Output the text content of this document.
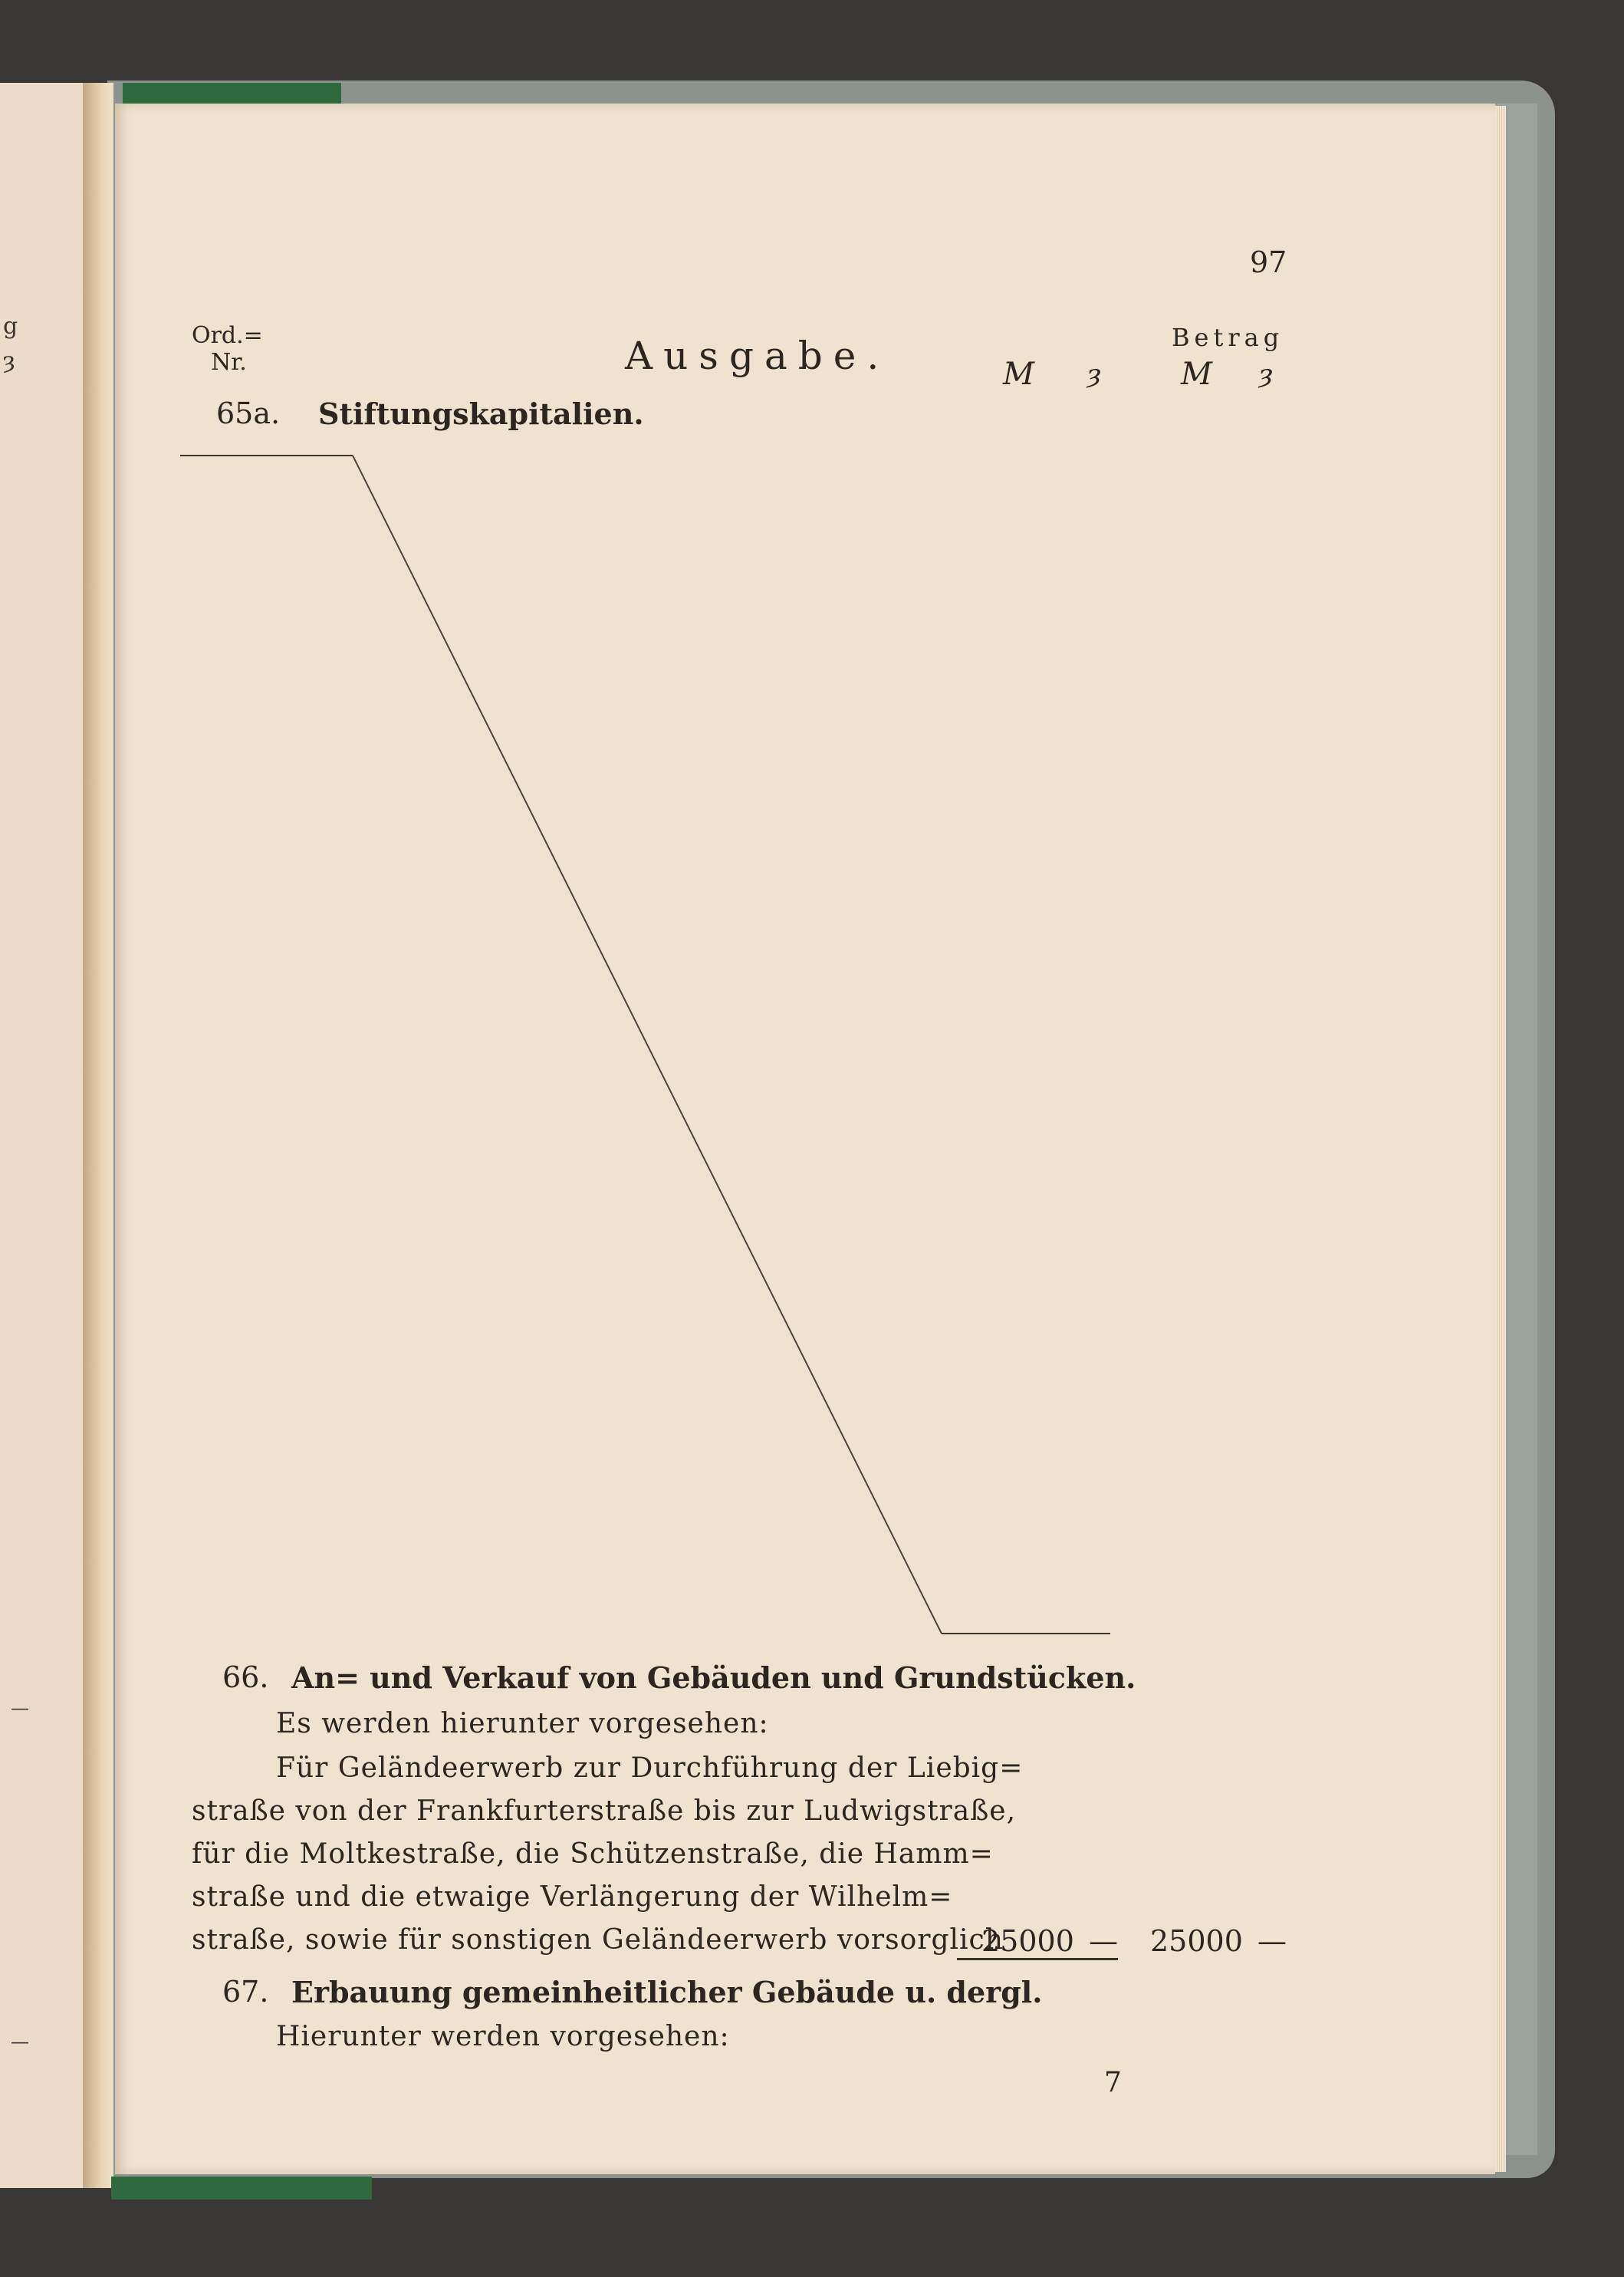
g
ȝ
—
—
97
Ord.=
Nr.	Ausgabe.	Betrag
M ȝ	M ȝ
65a. Stiftungskapitalien.
66. An= und Verkauf von Gebäuden und Grundstücken.
Es werden hierunter vorgesehen:
Für Geländeerwerb zur Durchführung der Liebig=
straße von der Frankfurterstraße bis zur Ludwigstraße,
für die Moltkestraße, die Schützenstraße, die Hamm=
straße und die etwaige Verlängerung der Wilhelm=
straße, sowie für sonstigen Geländeerwerb vorsorglich
25000 — 25000 —
67. Erbauung gemeinheitlicher Gebäude u. dergl.
Hierunter werden vorgesehen:
7
